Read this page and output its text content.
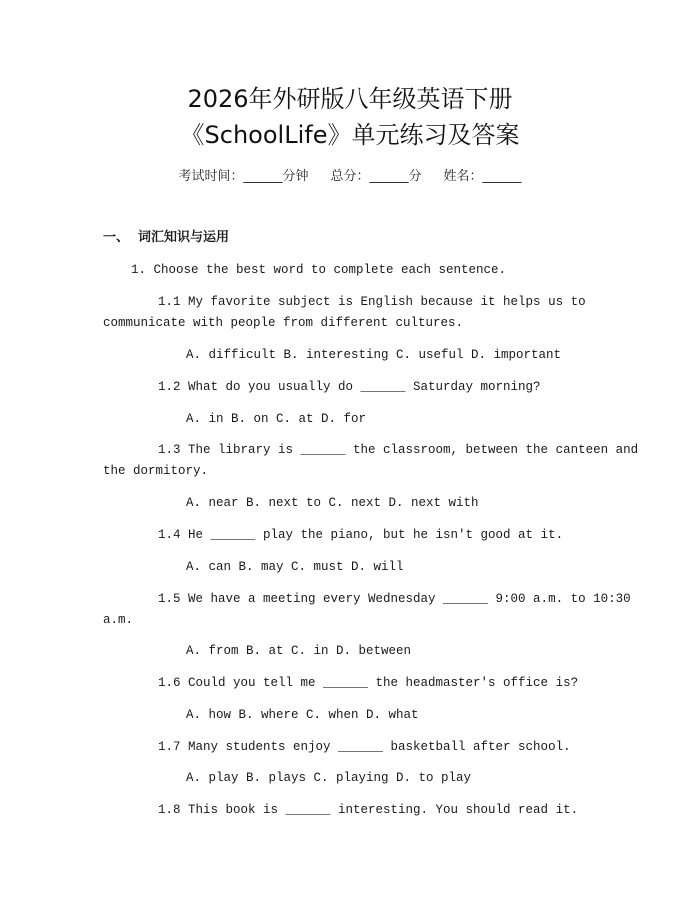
2026年外研版八年级英语下册
《SchoolLife》单元练习及答案
考试时间：______分钟 总分：______分 姓名：______
一、 词汇知识与运用
1. Choose the best word to complete each sentence.
1.1 My favorite subject is English because it helps us to
communicate with people from different cultures.
A. difficult B. interesting C. useful D. important
1.2 What do you usually do ______ Saturday morning?
A. in B. on C. at D. for
1.3 The library is ______ the classroom, between the canteen and
the dormitory.
A. near B. next to C. next D. next with
1.4 He ______ play the piano, but he isn't good at it.
A. can B. may C. must D. will
1.5 We have a meeting every Wednesday ______ 9:00 a.m. to 10:30
a.m.
A. from B. at C. in D. between
1.6 Could you tell me ______ the headmaster's office is?
A. how B. where C. when D. what
1.7 Many students enjoy ______ basketball after school.
A. play B. plays C. playing D. to play
1.8 This book is ______ interesting. You should read it.
